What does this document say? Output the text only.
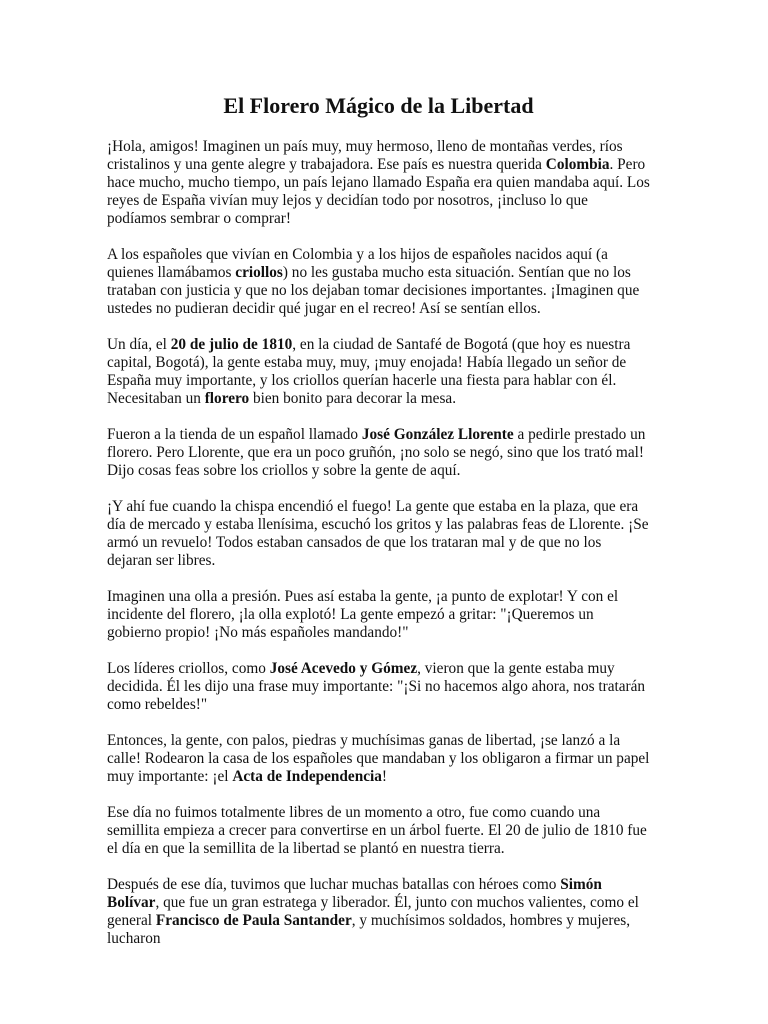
El Florero Mágico de la Libertad

¡Hola, amigos! Imaginen un país muy, muy hermoso, lleno de montañas verdes, ríos cristalinos y una gente alegre y trabajadora. Ese país es nuestra querida Colombia. Pero hace mucho, mucho tiempo, un país lejano llamado España era quien mandaba aquí. Los reyes de España vivían muy lejos y decidían todo por nosotros, ¡incluso lo que podíamos sembrar o comprar!

A los españoles que vivían en Colombia y a los hijos de españoles nacidos aquí (a quienes llamábamos criollos) no les gustaba mucho esta situación. Sentían que no los trataban con justicia y que no los dejaban tomar decisiones importantes. ¡Imaginen que ustedes no pudieran decidir qué jugar en el recreo! Así se sentían ellos.

Un día, el 20 de julio de 1810, en la ciudad de Santafé de Bogotá (que hoy es nuestra capital, Bogotá), la gente estaba muy, muy, ¡muy enojada! Había llegado un señor de España muy importante, y los criollos querían hacerle una fiesta para hablar con él. Necesitaban un florero bien bonito para decorar la mesa.

Fueron a la tienda de un español llamado José González Llorente a pedirle prestado un florero. Pero Llorente, que era un poco gruñón, ¡no solo se negó, sino que los trató mal! Dijo cosas feas sobre los criollos y sobre la gente de aquí.

¡Y ahí fue cuando la chispa encendió el fuego! La gente que estaba en la plaza, que era día de mercado y estaba llenísima, escuchó los gritos y las palabras feas de Llorente. ¡Se armó un revuelo! Todos estaban cansados de que los trataran mal y de que no los dejaran ser libres.

Imaginen una olla a presión. Pues así estaba la gente, ¡a punto de explotar! Y con el incidente del florero, ¡la olla explotó! La gente empezó a gritar: "¡Queremos un gobierno propio! ¡No más españoles mandando!"

Los líderes criollos, como José Acevedo y Gómez, vieron que la gente estaba muy decidida. Él les dijo una frase muy importante: "¡Si no hacemos algo ahora, nos tratarán como rebeldes!"

Entonces, la gente, con palos, piedras y muchísimas ganas de libertad, ¡se lanzó a la calle! Rodearon la casa de los españoles que mandaban y los obligaron a firmar un papel muy importante: ¡el Acta de Independencia!

Ese día no fuimos totalmente libres de un momento a otro, fue como cuando una semillita empieza a crecer para convertirse en un árbol fuerte. El 20 de julio de 1810 fue el día en que la semillita de la libertad se plantó en nuestra tierra.

Después de ese día, tuvimos que luchar muchas batallas con héroes como Simón Bolívar, que fue un gran estratega y liberador. Él, junto con muchos valientes, como el general Francisco de Paula Santander, y muchísimos soldados, hombres y mujeres, lucharon
